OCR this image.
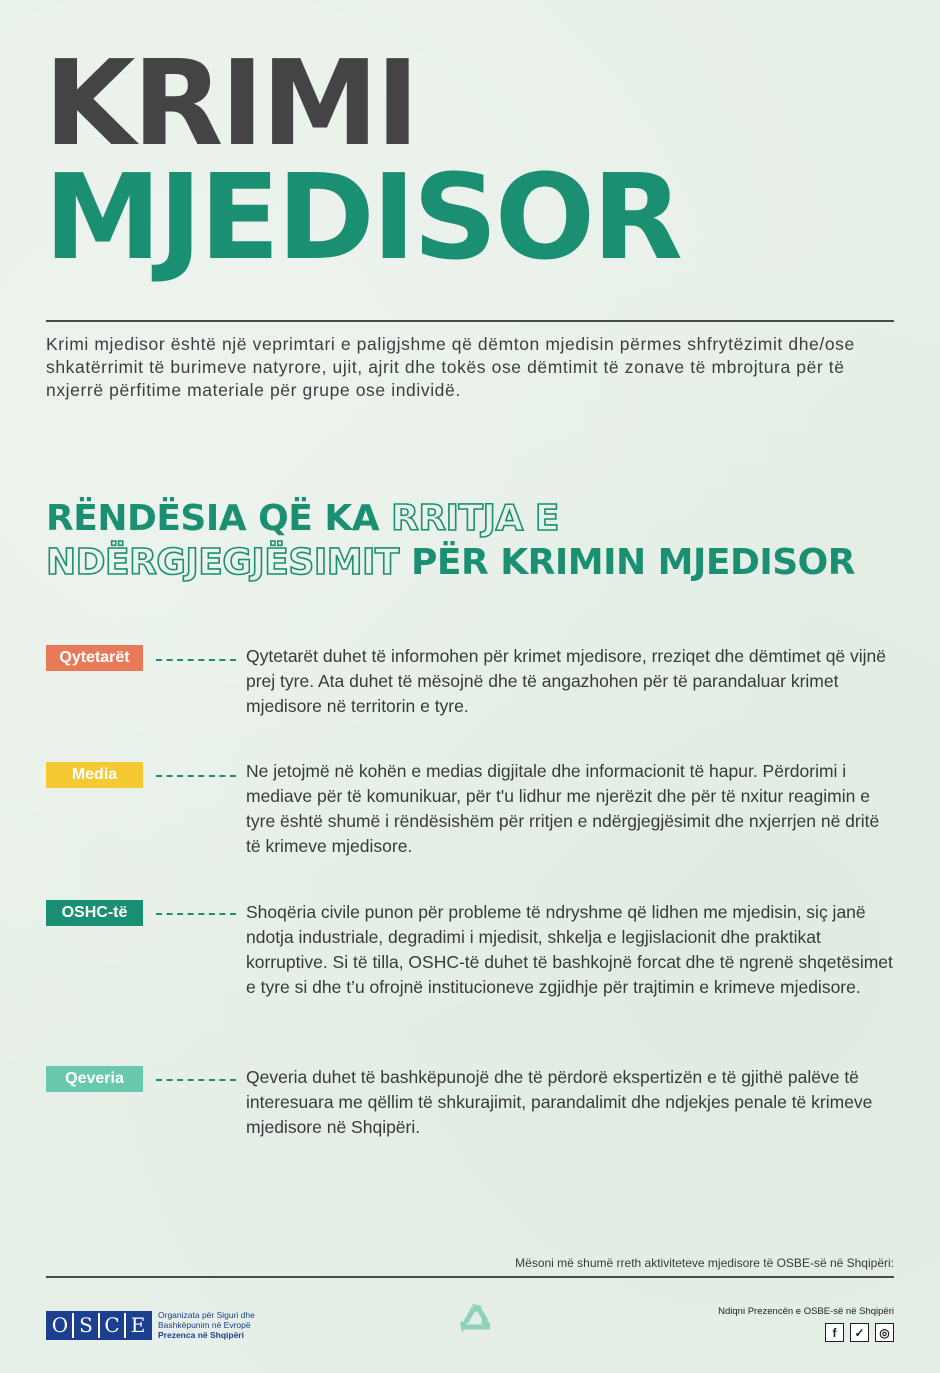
KRIMI
MJEDISOR

Krimi mjedisor është një veprimtari e paligjshme që dëmton mjedisin përmes shfrytëzimit dhe/ose shkatërrimit të burimeve natyrore, ujit, ajrit dhe tokës ose dëmtimit të zonave të mbrojtura për të nxjerrë përfitime materiale për grupe ose individë.

RËNDËSIA QË KA RRITJA E
NDËRGJEGJËSIMIT PËR KRIMIN MJEDISOR
Qytetarët	Qytetarët duhet të informohen për krimet mjedisore, rreziqet dhe dëmtimet që vijnë prej tyre. Ata duhet të mësojnë dhe të angazhohen për të parandaluar krimet mjedisore në territorin e tyre.

Media	Ne jetojmë në kohën e medias digjitale dhe informacionit të hapur. Përdorimi i mediave për të komunikuar, për t'u lidhur me njerëzit dhe për të nxitur reagimin e tyre është shumë i rëndësishëm për rritjen e ndërgjegjësimit dhe nxjerrjen në dritë të krimeve mjedisore.

OSHC-të	Shoqëria civile punon për probleme të ndryshme që lidhen me mjedisin, siç janë ndotja industriale, degradimi i mjedisit, shkelja e legjislacionit dhe praktikat korruptive. Si të tilla, OSHC-të duhet të bashkojnë forcat dhe të ngrenë shqetësimet e tyre si dhe t’u ofrojnë institucioneve zgjidhje për trajtimin e krimeve mjedisore.

Qeveria	Qeveria duhet të bashkëpunojë dhe të përdorë ekspertizën e të gjithë palëve të interesuara me qëllim të shkurajimit, parandalimit dhe ndjekjes penale të krimeve mjedisore në Shqipëri.

Mësoni më shumë rreth aktiviteteve mjedisore të OSBE-së në Shqipëri:

O S C E	Organizata për Siguri dhe
Bashkëpunim në Evropë
Prezenca në Shqipëri

Ndiqni Prezencën e OSBE-së në Shqipëri

f	✓	◎
